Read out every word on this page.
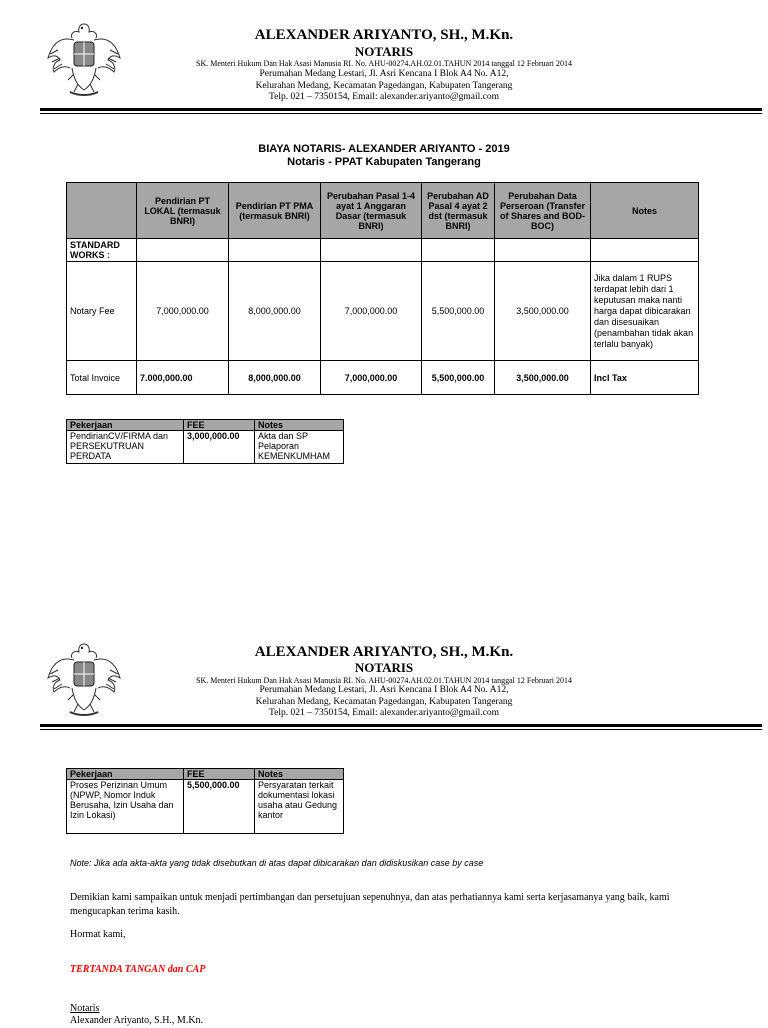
ALEXANDER ARIYANTO, SH., M.Kn.
NOTARIS
SK. Menteri Hukum Dan Hak Asasi Manusia RI. No. AHU-00274.AH.02.01.TAHUN 2014 tanggal 12 Februari 2014
Perumahan Medang Lestari, Jl. Asri Kencana I Blok A4 No. A12,
Kelurahan Medang, Kecamatan Pagedangan, Kabupaten Tangerang
Telp. 021 – 7350154, Email: alexander.ariyanto@gmail.com
BIAYA NOTARIS- ALEXANDER ARIYANTO - 2019
Notaris - PPAT Kabupaten Tangerang
	Pendirian PT LOKAL (termasuk BNRI)	Pendirian PT PMA (termasuk BNRI)	Perubahan Pasal 1-4 ayat 1 Anggaran Dasar (termasuk BNRI)	Perubahan AD Pasal 4 ayat 2 dst (termasuk BNRI)	Perubahan Data Perseroan (Transfer of Shares and BOD-BOC)	Notes
STANDARD WORKS :						
Notary Fee	7,000,000.00	8,000,000.00	7,000,000.00	5,500,000.00	3,500,000.00	Jika dalam 1 RUPS terdapat lebih dari 1 keputusan maka nanti harga dapat dibicarakan dan disesuaikan (penambahan tidak akan terlalu banyak)
Total Invoice	7.000,000.00	8,000,000.00	7,000,000.00	5,500,000.00	3,500,000.00	Incl Tax
Pekerjaan	FEE	Notes
PendirianCV/FIRMA dan PERSEKUTRUAN PERDATA	3,000,000.00	Akta dan SP Pelaporan KEMENKUMHAM
ALEXANDER ARIYANTO, SH., M.Kn.
NOTARIS
SK. Menteri Hukum Dan Hak Asasi Manusia RI. No. AHU-00274.AH.02.01.TAHUN 2014 tanggal 12 Februari 2014
Perumahan Medang Lestari, Jl. Asri Kencana I Blok A4 No. A12,
Kelurahan Medang, Kecamatan Pagedangan, Kabupaten Tangerang
Telp. 021 – 7350154, Email: alexander.ariyanto@gmail.com
Pekerjaan	FEE	Notes
Proses Perizinan Umum (NPWP, Nomor Induk Berusaha, Izin Usaha dan Izin Lokasi)	5,500,000.00	Persyaratan terkait dokumentasi lokasi usaha atau Gedung kantor
Note: Jika ada akta-akta yang tidak disebutkan di atas dapat dibicarakan dan didiskusikan case by case
Demikian kami sampaikan untuk menjadi pertimbangan dan persetujuan sepenuhnya, dan atas perhatiannya kami serta kerjasamanya yang baik, kami mengucapkan terima kasih.
Hormat kami,
TERTANDA TANGAN dan CAP
Notaris
Alexander Ariyanto, S.H., M.Kn.
